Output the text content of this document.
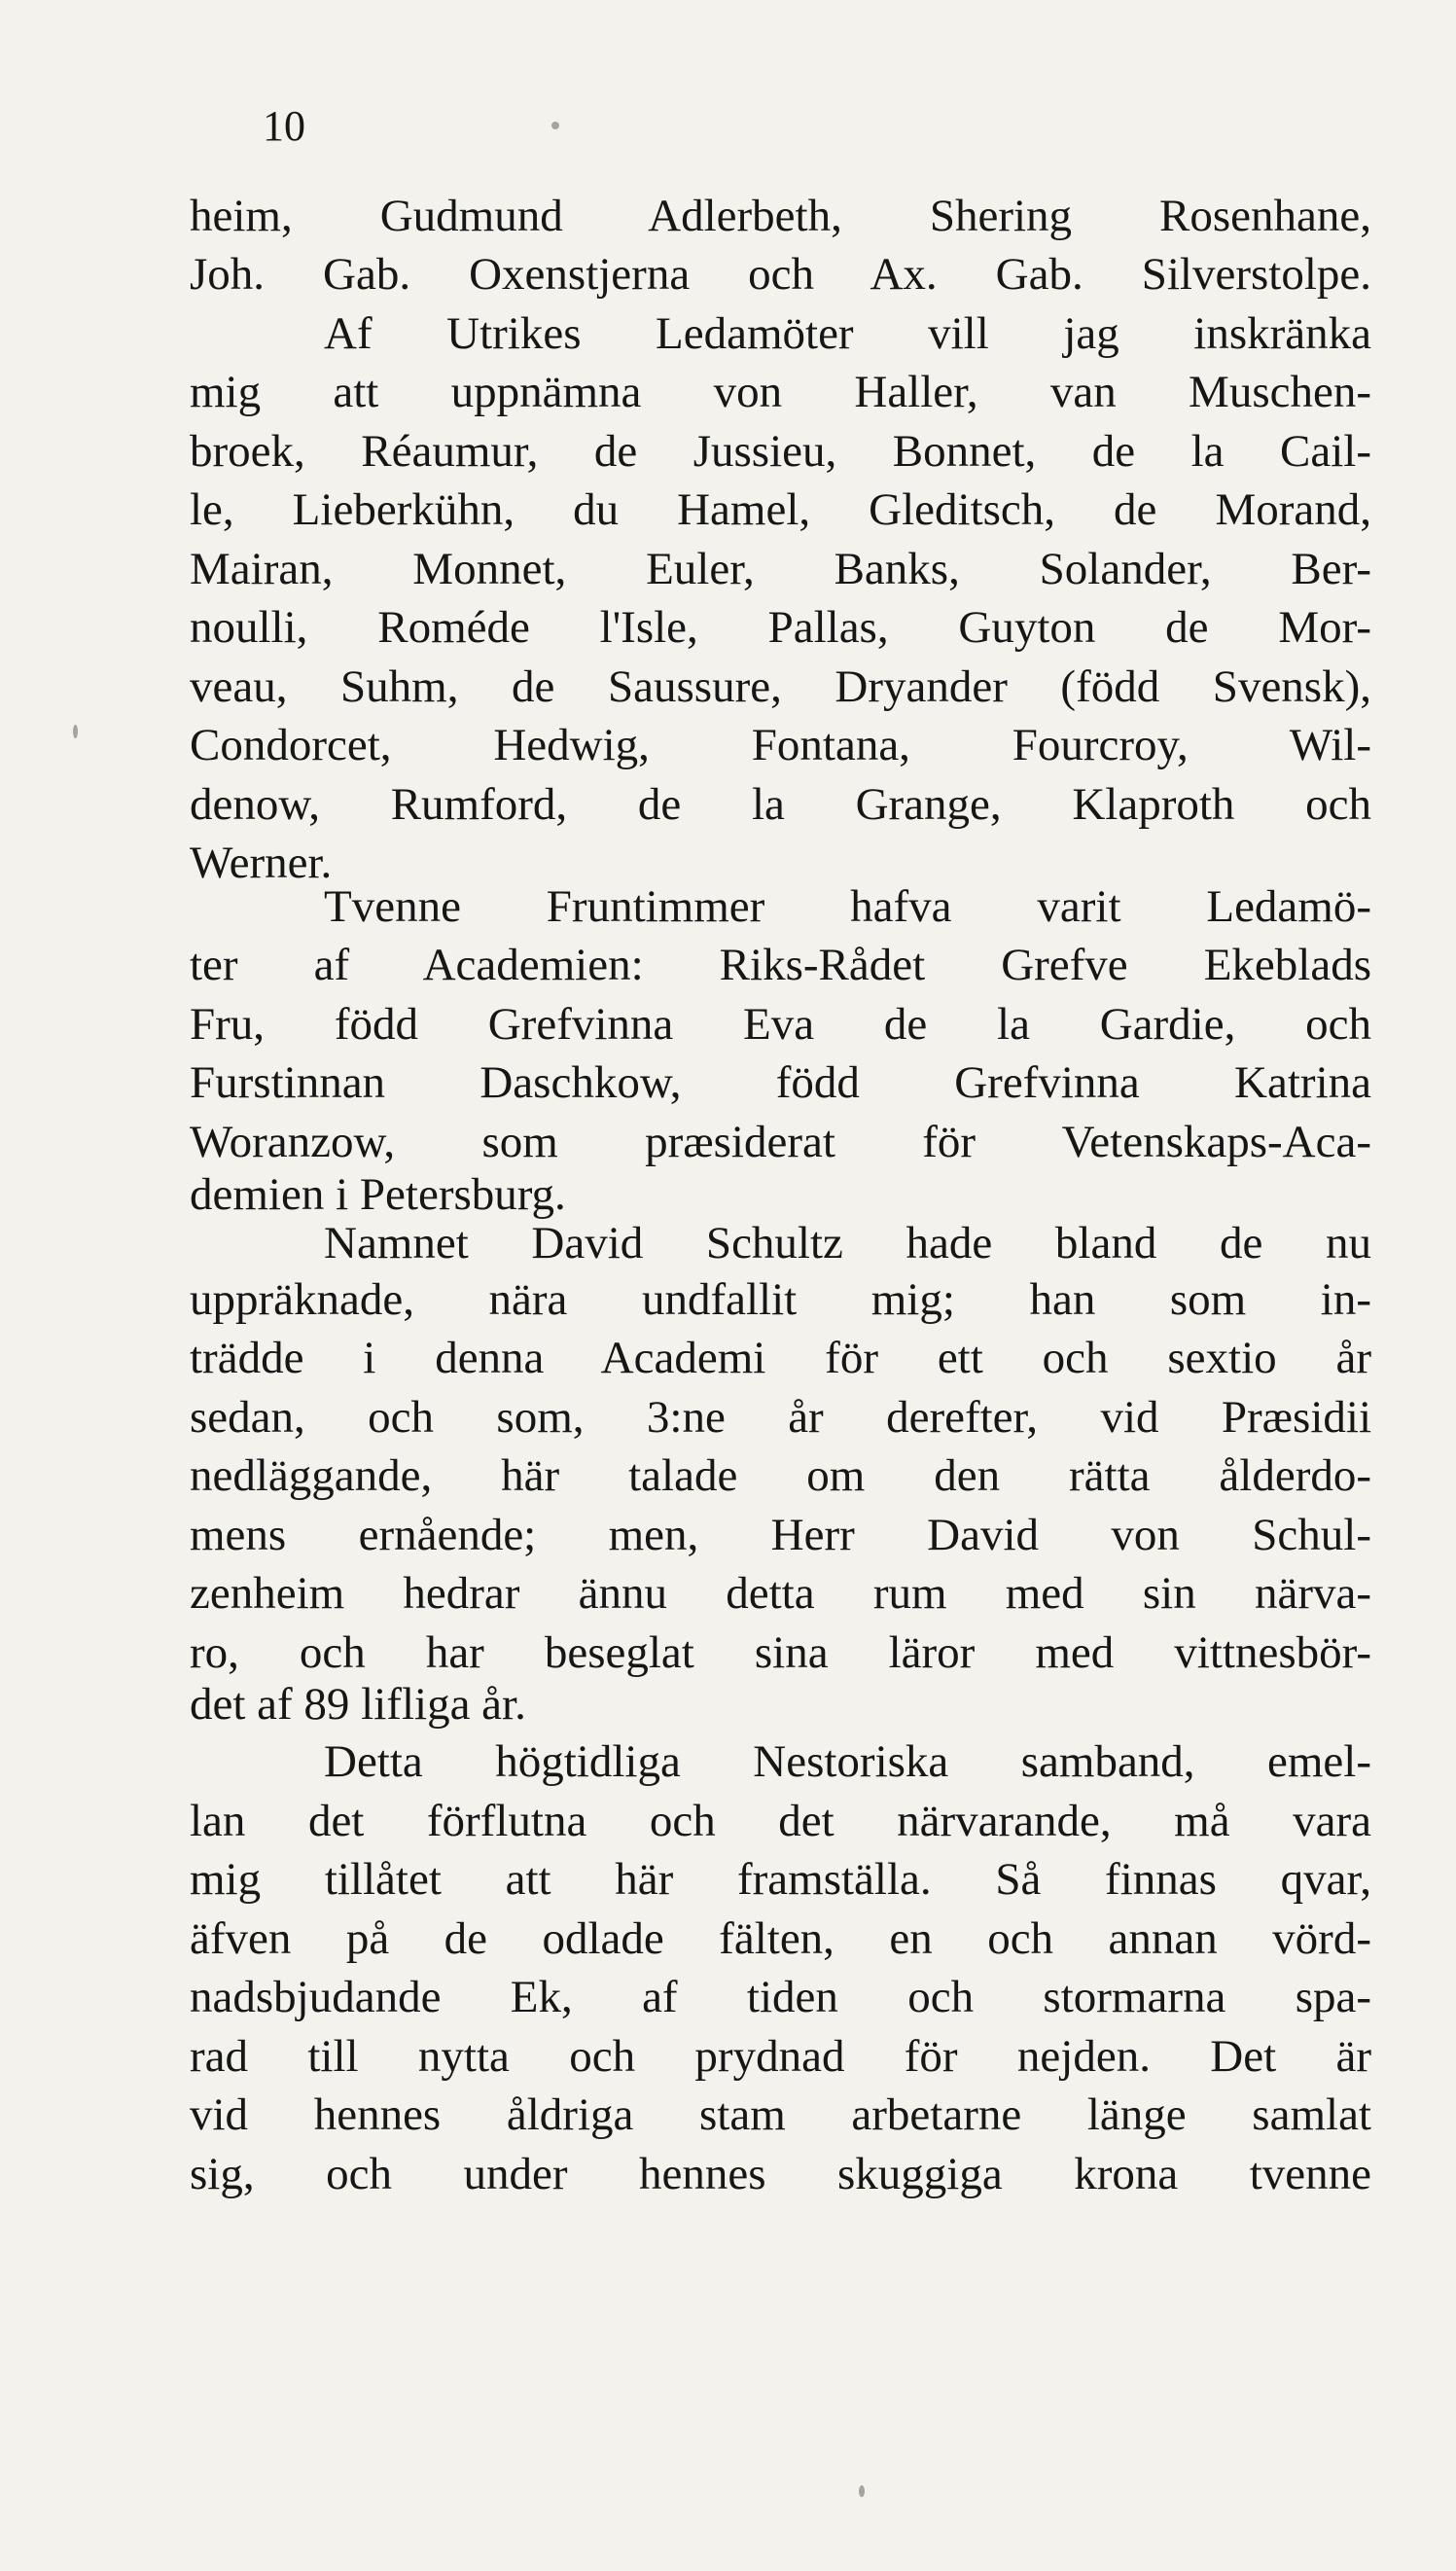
10

heim, Gudmund Adlerbeth, Shering Rosenhane,

Joh. Gab. Oxenstjerna och Ax. Gab. Silverstolpe.

Af Utrikes Ledamöter vill jag inskränka

mig att uppnämna von Haller, van Muschen-

broek, Réaumur, de Jussieu, Bonnet, de la Cail-

le, Lieberkühn, du Hamel, Gleditsch, de Morand,

Mairan, Monnet, Euler, Banks, Solander, Ber-

noulli, Roméde l'Isle, Pallas, Guyton de Mor-

veau, Suhm, de Saussure, Dryander (född Svensk),

Condorcet, Hedwig, Fontana, Fourcroy, Wil-

denow, Rumford, de la Grange, Klaproth och

Werner.

Tvenne Fruntimmer hafva varit Ledamö-

ter af Academien: Riks-Rådet Grefve Ekeblads

Fru, född Grefvinna Eva de la Gardie, och

Furstinnan Daschkow, född Grefvinna Katrina

Woranzow, som præsiderat för Vetenskaps-Aca-

demien i Petersburg.

Namnet David Schultz hade bland de nu

uppräknade, nära undfallit mig; han som in-

trädde i denna Academi för ett och sextio år

sedan, och som, 3:ne år derefter, vid Præsidii

nedläggande, här talade om den rätta ålderdo-

mens ernående; men, Herr David von Schul-

zenheim hedrar ännu detta rum med sin närva-

ro, och har beseglat sina läror med vittnesbör-

det af 89 lifliga år.

Detta högtidliga Nestoriska samband, emel-

lan det förflutna och det närvarande, må vara

mig tillåtet att här framställa. Så finnas qvar,

äfven på de odlade fälten, en och annan vörd-

nadsbjudande Ek, af tiden och stormarna spa-

rad till nytta och prydnad för nejden. Det är

vid hennes åldriga stam arbetarne länge samlat

sig, och under hennes skuggiga krona tvenne
